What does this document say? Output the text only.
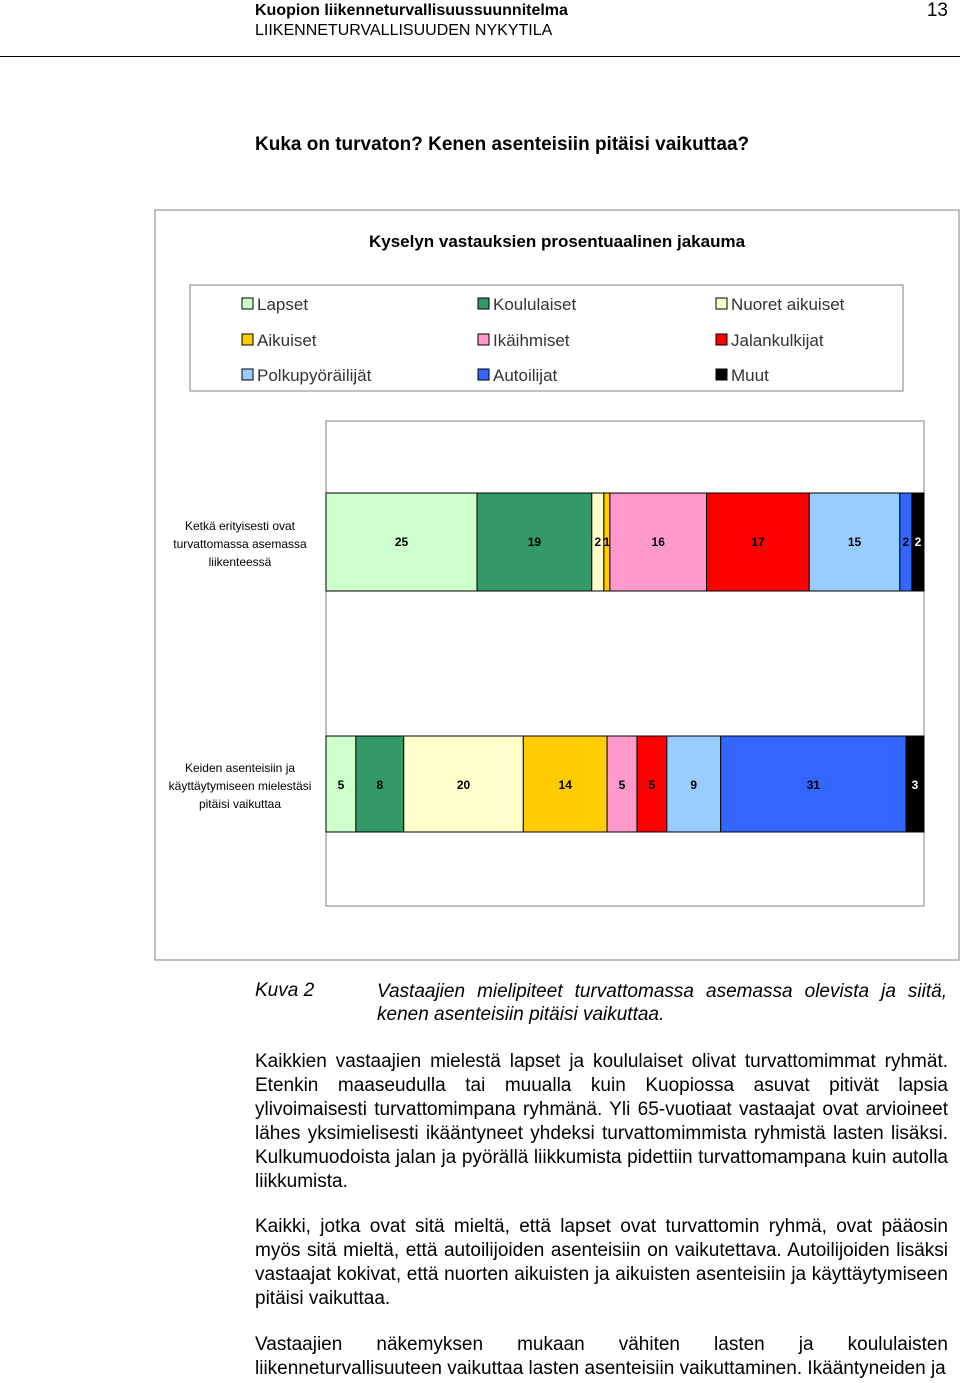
Kuopion liikenneturvallisuussuunnitelma
LIIKENNETURVALLISUUDEN NYKYTILA
13
Kuka on turvaton? Kenen asenteisiin pitäisi vaikuttaa?
Kyselyn vastauksien prosentuaalinen jakauma
Lapset	Koululaiset	Nuoret aikuiset
Aikuiset	Ikäihmiset	Jalankulkijat
Polkupyöräilijät	Autoilijat	Muut
25	19	2 1	16	17	15	2 2
5	8	20	14	5 5	9	31	3
Ketkä erityisesti ovat turvattomassa asemassa liikenteessä
Keiden asenteisiin ja käyttäytymiseen mielestäsi pitäisi vaikuttaa
Kuva 2	Vastaajien mielipiteet turvattomassa asemassa olevista ja siitä, kenen asenteisiin pitäisi vaikuttaa.

Kaikkien vastaajien mielestä lapset ja koululaiset olivat turvattomimmat ryhmät. Etenkin maaseudulla tai muualla kuin Kuopiossa asuvat pitivät lapsia ylivoimaisesti turvattomimpana ryhmänä. Yli 65-vuotiaat vastaajat ovat arvioineet lähes yksimielisesti ikääntyneet yhdeksi turvattomimmista ryhmistä lasten lisäksi. Kulkumuodoista jalan ja pyörällä liikkumista pidettiin turvattomampana kuin autolla liikkumista.

Kaikki, jotka ovat sitä mieltä, että lapset ovat turvattomin ryhmä, ovat pääosin myös sitä mieltä, että autoilijoiden asenteisiin on vaikutettava. Autoilijoiden lisäksi vastaajat kokivat, että nuorten aikuisten ja aikuisten asenteisiin ja käyttäytymiseen pitäisi vaikuttaa.

Vastaajien näkemyksen mukaan vähiten lasten ja koululaisten liikenneturvallisuuteen vaikuttaa lasten asenteisiin vaikuttaminen. Ikääntyneiden ja
